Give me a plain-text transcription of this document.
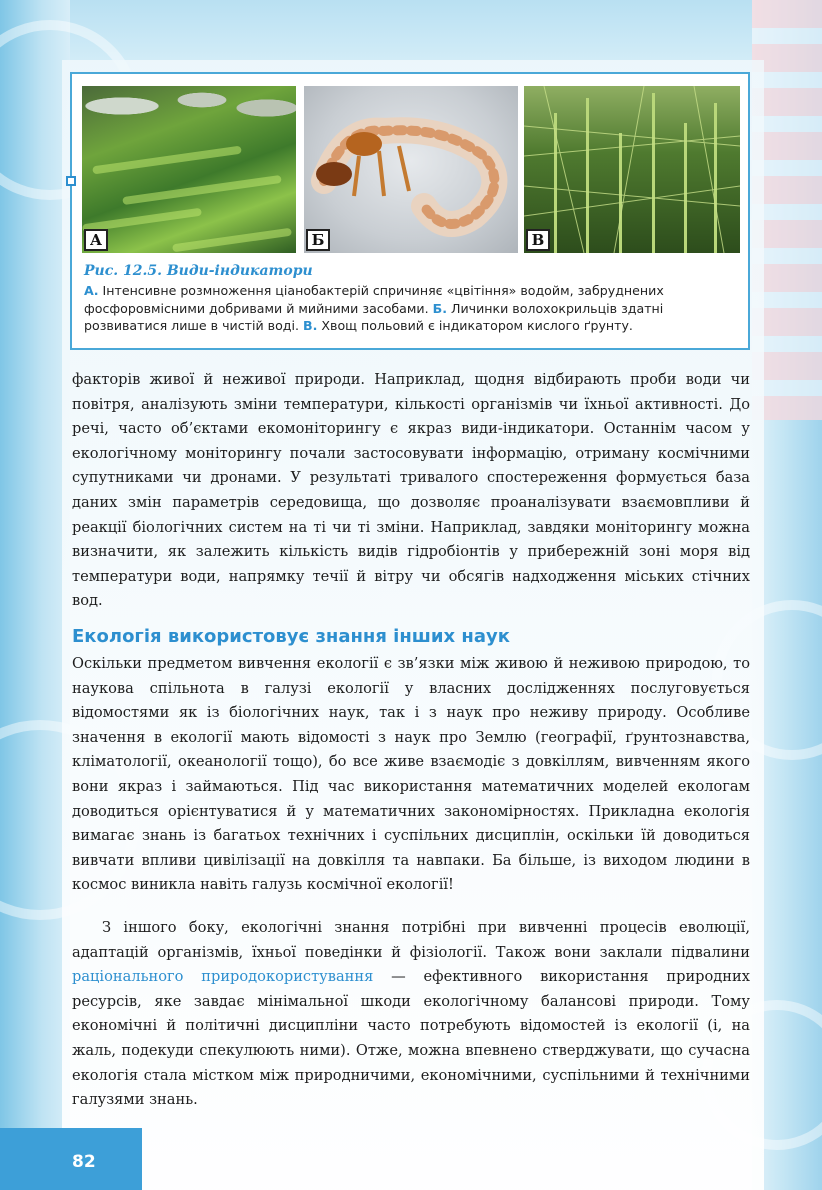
А	Б	В
Рис. 12.5. Види-індикатори
А. Інтенсивне розмноження ціанобактерій спричиняє «цвітіння» водойм, забруднених фосфоровмісними добривами й мийними засобами. Б. Личинки волохокрильців здатні розвиватися лише в чистій воді. В. Хвощ польовий є індикатором кислого ґрунту.
факторів живої й неживої природи. Наприклад, щодня відбирають проби води чи повітря, аналізують зміни температури, кількості організмів чи їхньої активності. До речі, часто об’єктами екомоніторингу є якраз види-індикатори. Останнім часом у екологічному моніторингу почали застосовувати інформацію, отриману космічними супутниками чи дронами. У результаті тривалого спостереження формується база даних змін параметрів середовища, що дозволяє проаналізувати взаємовпливи й реакції біологічних систем на ті чи ті зміни. Наприклад, завдяки моніторингу можна визначити, як залежить кількість видів гідробіонтів у прибережній зоні моря від температури води, напрямку течії й вітру чи обсягів надходження міських стічних вод.
Екологія використовує знання інших наук
Оскільки предметом вивчення екології є зв’язки між живою й неживою природою, то наукова спільнота в галузі екології у власних дослідженнях послуговується відомостями як із біологічних наук, так і з наук про неживу природу. Особливе значення в екології мають відомості з наук про Землю (географії, ґрунтознавства, кліматології, океанології тощо), бо все живе взаємодіє з довкіллям, вивченням якого вони якраз і займаються. Під час використання математичних моделей екологам доводиться орієнтуватися й у математичних закономірностях. Прикладна екологія вимагає знань із багатьох технічних і суспільних дисциплін, оскільки їй доводиться вивчати впливи цивілізації на довкілля та навпаки. Ба більше, із виходом людини в космос виникла навіть галузь космічної екології!
З іншого боку, екологічні знання потрібні при вивченні процесів еволюції, адаптацій організмів, їхньої поведінки й фізіології. Також вони заклали підвалини раціонального природокористування — ефективного використання природних ресурсів, яке завдає мінімальної шкоди екологічному балансові природи. Тому економічні й політичні дисципліни часто потребують відомостей із екології (і, на жаль, подекуди спекулюють ними). Отже, можна впевнено стверджувати, що сучасна екологія стала містком між природничими, економічними, суспільними й технічними галузями знань.
82
